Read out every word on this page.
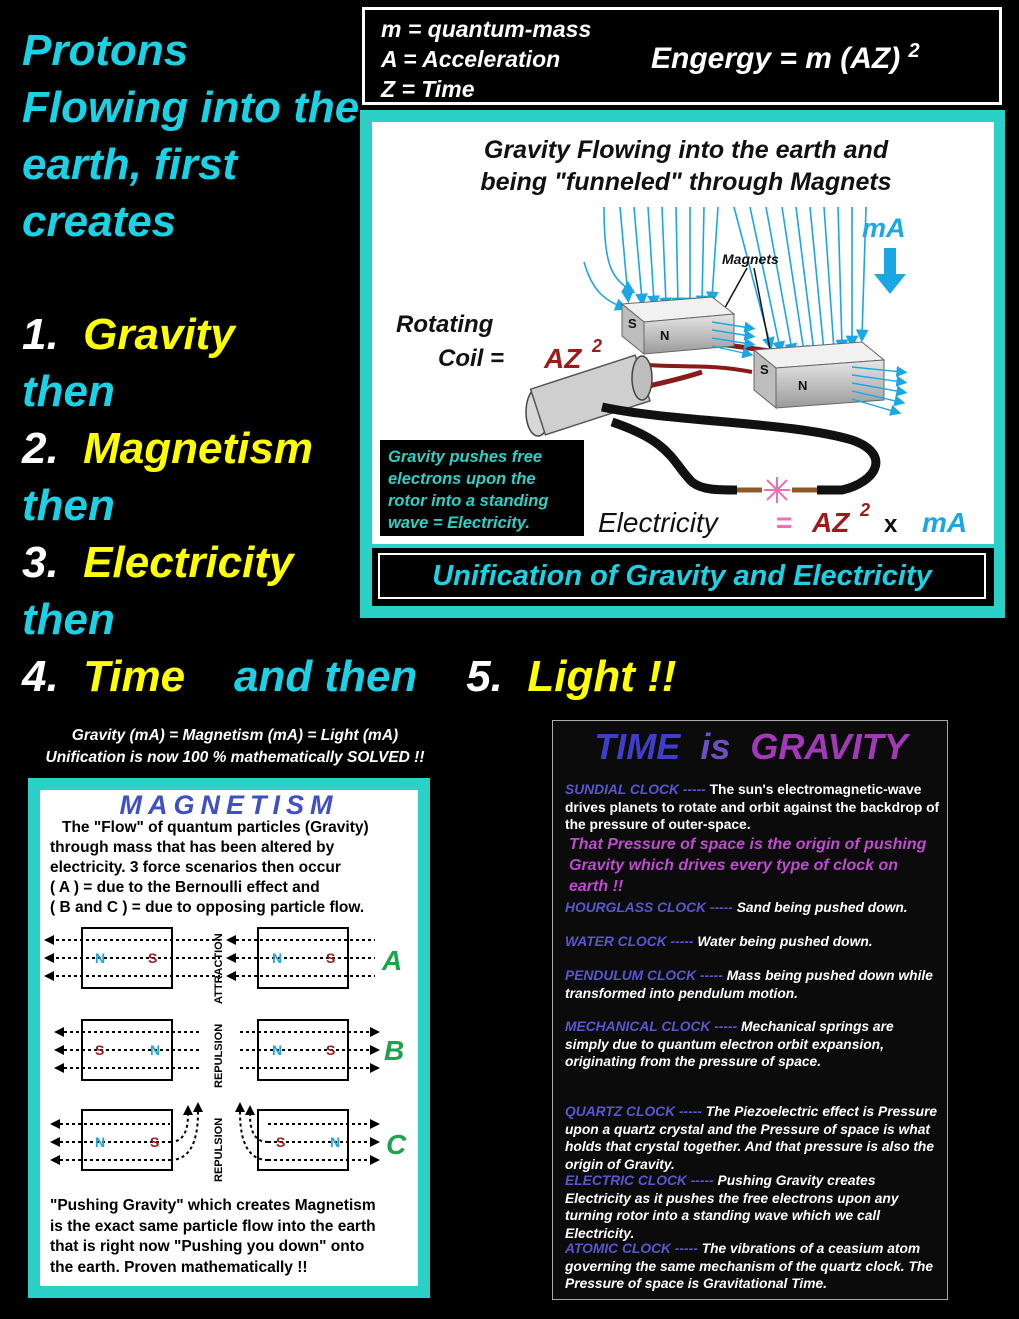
Protons Flowing into the earth, first creates
1. Gravity
then
2. Magnetism
then
3. Electricity
then
4. Time and then 5. Light !!
m = quantum-mass
A = Acceleration
Z = Time
Engergy = m (AZ) $^2$
Gravity Flowing into the earth and
being "funneled" through Magnets
mA
Magnets
S
N
S
N
Rotating
Coil = AZ 2
Gravity pushes free electrons upon the rotor into a standing wave = Electricity.	Electricity = AZ 2
x mA
Unification of Gravity and Electricity
Gravity (mA) = Magnetism (mA) = Light (mA)
Unification is now 100 % mathematically SOLVED !!
MAGNETISM
The "Flow" of quantum particles (Gravity)
through mass that has been altered by
electricity. 3 force scenarios then occur
( A ) = due to the Bernoulli effect and
( B and C ) = due to opposing particle flow.
N	S	N	S A
ATTRACTION
S	N	N	S B
REPULSION
N	S	S	N C
REPULSION
"Pushing Gravity" which creates Magnetism
is the exact same particle flow into the earth
that is right now "Pushing you down" onto
the earth. Proven mathematically !!
TIME is GRAVITY
SUNDIAL CLOCK ----- The sun's electromagnetic-wave drives planets to rotate and orbit against the backdrop of the pressure of outer-space.
That Pressure of space is the origin of pushing Gravity which drives every type of clock on earth !!
HOURGLASS CLOCK ----- Sand being pushed down.
WATER CLOCK ----- Water being pushed down.
PENDULUM CLOCK ----- Mass being pushed down while transformed into pendulum motion.
MECHANICAL CLOCK ----- Mechanical springs are simply due to quantum electron orbit expansion, originating from the pressure of space.
QUARTZ CLOCK ----- The Piezoelectric effect is Pressure upon a quartz crystal and the Pressure of space is what holds that crystal together. And that pressure is also the origin of Gravity.
ELECTRIC CLOCK ----- Pushing Gravity creates Electricity as it pushes the free electrons upon any turning rotor into a standing wave which we call Electricity.
ATOMIC CLOCK ----- The vibrations of a ceasium atom governing the same mechanism of the quartz clock. The Pressure of space is Gravitational Time.
